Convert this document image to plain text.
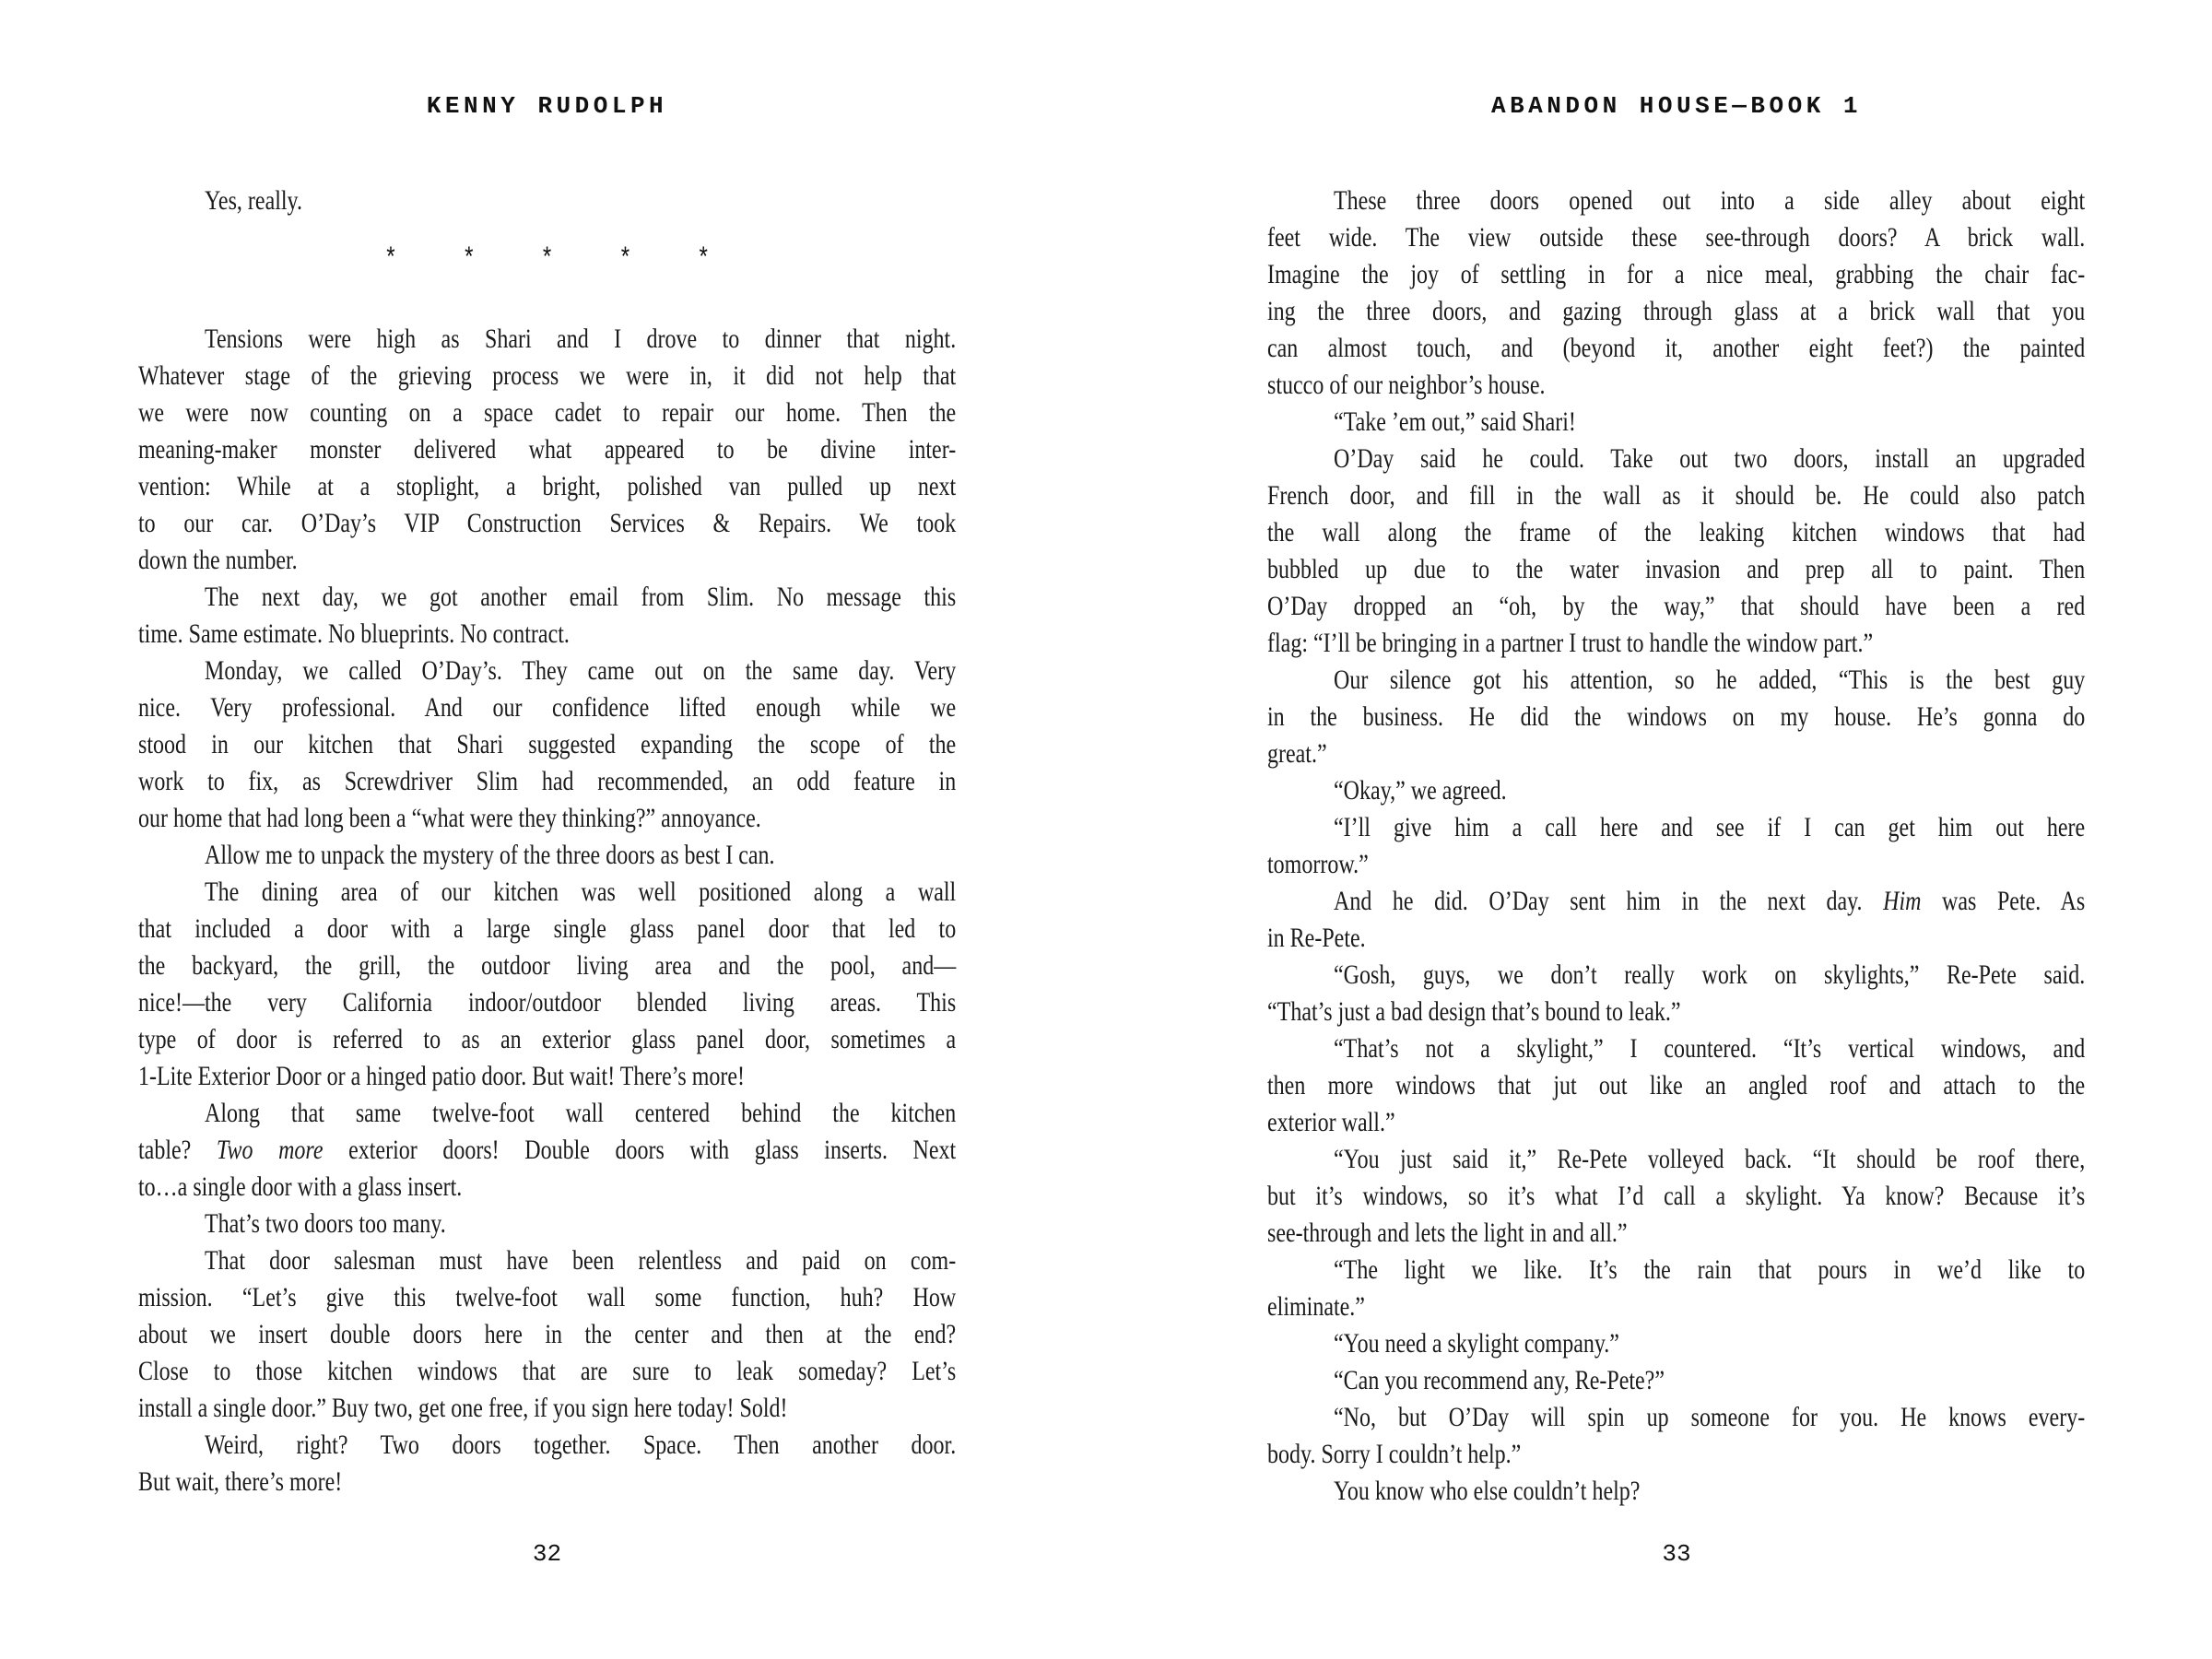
KENNY RUDOLPH
Yes, really.
* * * * *
Tensions were high as Shari and I drove to dinner that night.
Whatever stage of the grieving process we were in, it did not help that
we were now counting on a space cadet to repair our home. Then the
meaning-maker monster delivered what appeared to be divine inter-
vention: While at a stoplight, a bright, polished van pulled up next
to our car. O’Day’s VIP Construction Services & Repairs. We took
down the number.
The next day, we got another email from Slim. No message this
time. Same estimate. No blueprints. No contract.
Monday, we called O’Day’s. They came out on the same day. Very
nice. Very professional. And our confidence lifted enough while we
stood in our kitchen that Shari suggested expanding the scope of the
work to fix, as Screwdriver Slim had recommended, an odd feature in
our home that had long been a “what were they thinking?” annoyance.
Allow me to unpack the mystery of the three doors as best I can.
The dining area of our kitchen was well positioned along a wall
that included a door with a large single glass panel door that led to
the backyard, the grill, the outdoor living area and the pool, and—
nice!—the very California indoor/outdoor blended living areas. This
type of door is referred to as an exterior glass panel door, sometimes a
1-Lite Exterior Door or a hinged patio door. But wait! There’s more!
Along that same twelve-foot wall centered behind the kitchen
table? Two more exterior doors! Double doors with glass inserts. Next
to…a single door with a glass insert.
That’s two doors too many.
That door salesman must have been relentless and paid on com-
mission. “Let’s give this twelve-foot wall some function, huh? How
about we insert double doors here in the center and then at the end?
Close to those kitchen windows that are sure to leak someday? Let’s
install a single door.” Buy two, get one free, if you sign here today! Sold!
Weird, right? Two doors together. Space. Then another door.
But wait, there’s more!
32
ABANDON HOUSE—BOOK 1
These three doors opened out into a side alley about eight
feet wide. The view outside these see-through doors? A brick wall.
Imagine the joy of settling in for a nice meal, grabbing the chair fac-
ing the three doors, and gazing through glass at a brick wall that you
can almost touch, and (beyond it, another eight feet?) the painted
stucco of our neighbor’s house.
“Take ’em out,” said Shari!
O’Day said he could. Take out two doors, install an upgraded
French door, and fill in the wall as it should be. He could also patch
the wall along the frame of the leaking kitchen windows that had
bubbled up due to the water invasion and prep all to paint. Then
O’Day dropped an “oh, by the way,” that should have been a red
flag: “I’ll be bringing in a partner I trust to handle the window part.”
Our silence got his attention, so he added, “This is the best guy
in the business. He did the windows on my house. He’s gonna do
great.”
“Okay,” we agreed.
“I’ll give him a call here and see if I can get him out here
tomorrow.”
And he did. O’Day sent him in the next day. Him was Pete. As
in Re-Pete.
“Gosh, guys, we don’t really work on skylights,” Re-Pete said.
“That’s just a bad design that’s bound to leak.”
“That’s not a skylight,” I countered. “It’s vertical windows, and
then more windows that jut out like an angled roof and attach to the
exterior wall.”
“You just said it,” Re-Pete volleyed back. “It should be roof there,
but it’s windows, so it’s what I’d call a skylight. Ya know? Because it’s
see-through and lets the light in and all.”
“The light we like. It’s the rain that pours in we’d like to
eliminate.”
“You need a skylight company.”
“Can you recommend any, Re-Pete?”
“No, but O’Day will spin up someone for you. He knows every-
body. Sorry I couldn’t help.”
You know who else couldn’t help?
33
